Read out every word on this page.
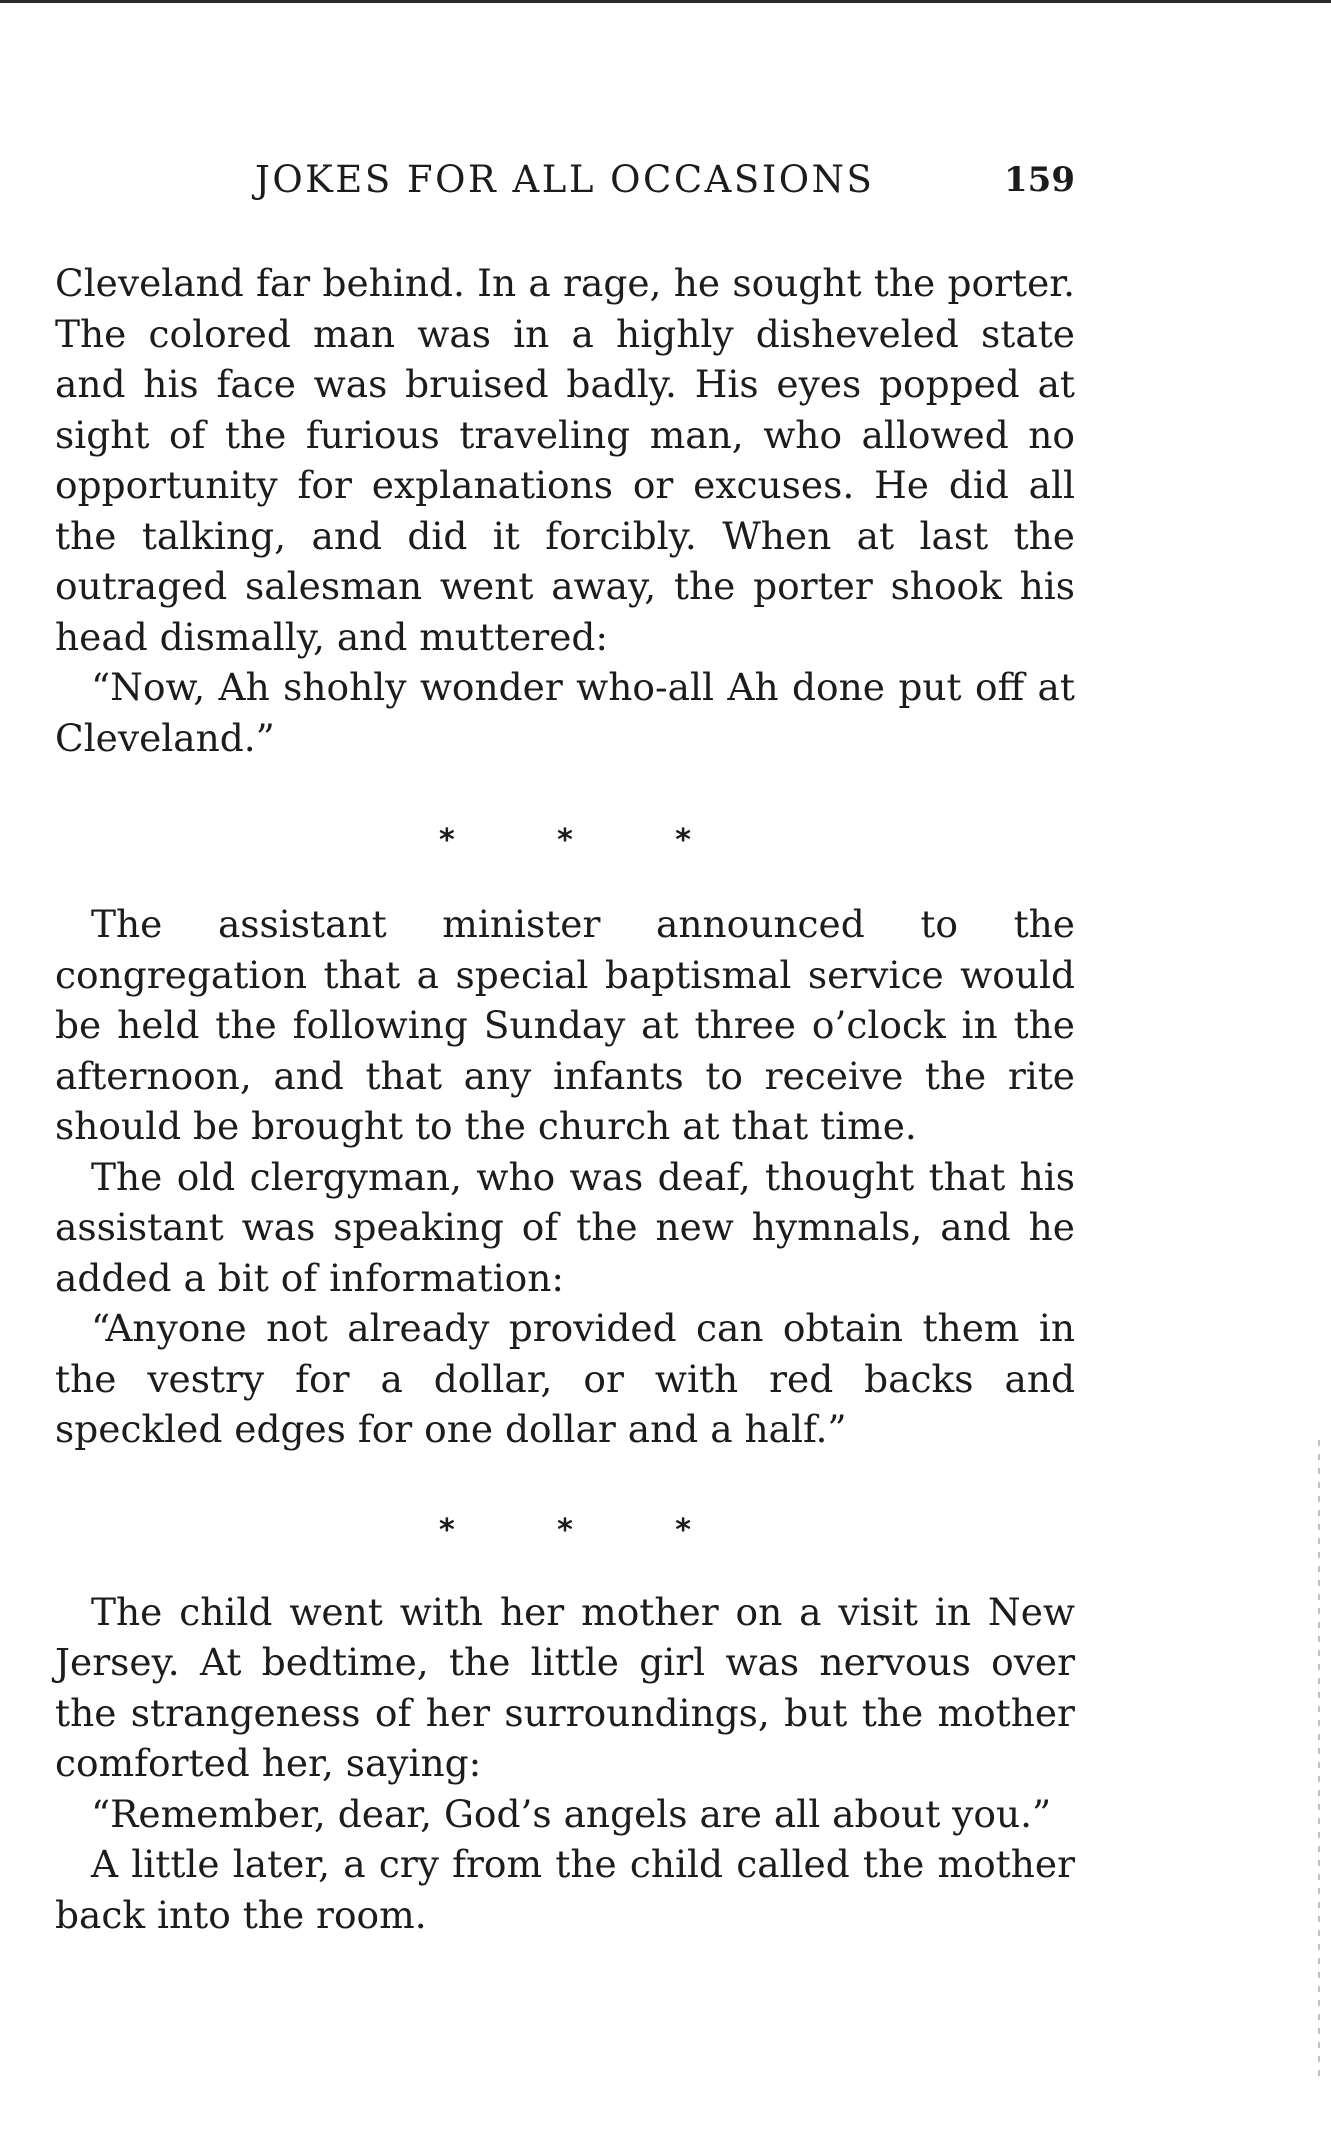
JOKES FOR ALL OCCASIONS	159

Cleveland far behind. In a rage, he sought the porter. The colored man was in a highly disheveled state and his face was bruised badly. His eyes popped at sight of the furious traveling man, who allowed no opportunity for explanations or excuses. He did all the talking, and did it forcibly. When at last the outraged salesman went away, the porter shook his head dismally, and muttered:

“Now, Ah shohly wonder who-all Ah done put off at Cleveland.”

* * *

The assistant minister announced to the congregation that a special baptismal service would be held the following Sunday at three o’clock in the afternoon, and that any infants to receive the rite should be brought to the church at that time.

The old clergyman, who was deaf, thought that his assistant was speaking of the new hymnals, and he added a bit of information:

“Anyone not already provided can obtain them in the vestry for a dollar, or with red backs and speckled edges for one dollar and a half.”

* * *

The child went with her mother on a visit in New Jersey. At bedtime, the little girl was nervous over the strangeness of her surroundings, but the mother comforted her, saying:

“Remember, dear, God’s angels are all about you.”

A little later, a cry from the child called the mother back into the room.
